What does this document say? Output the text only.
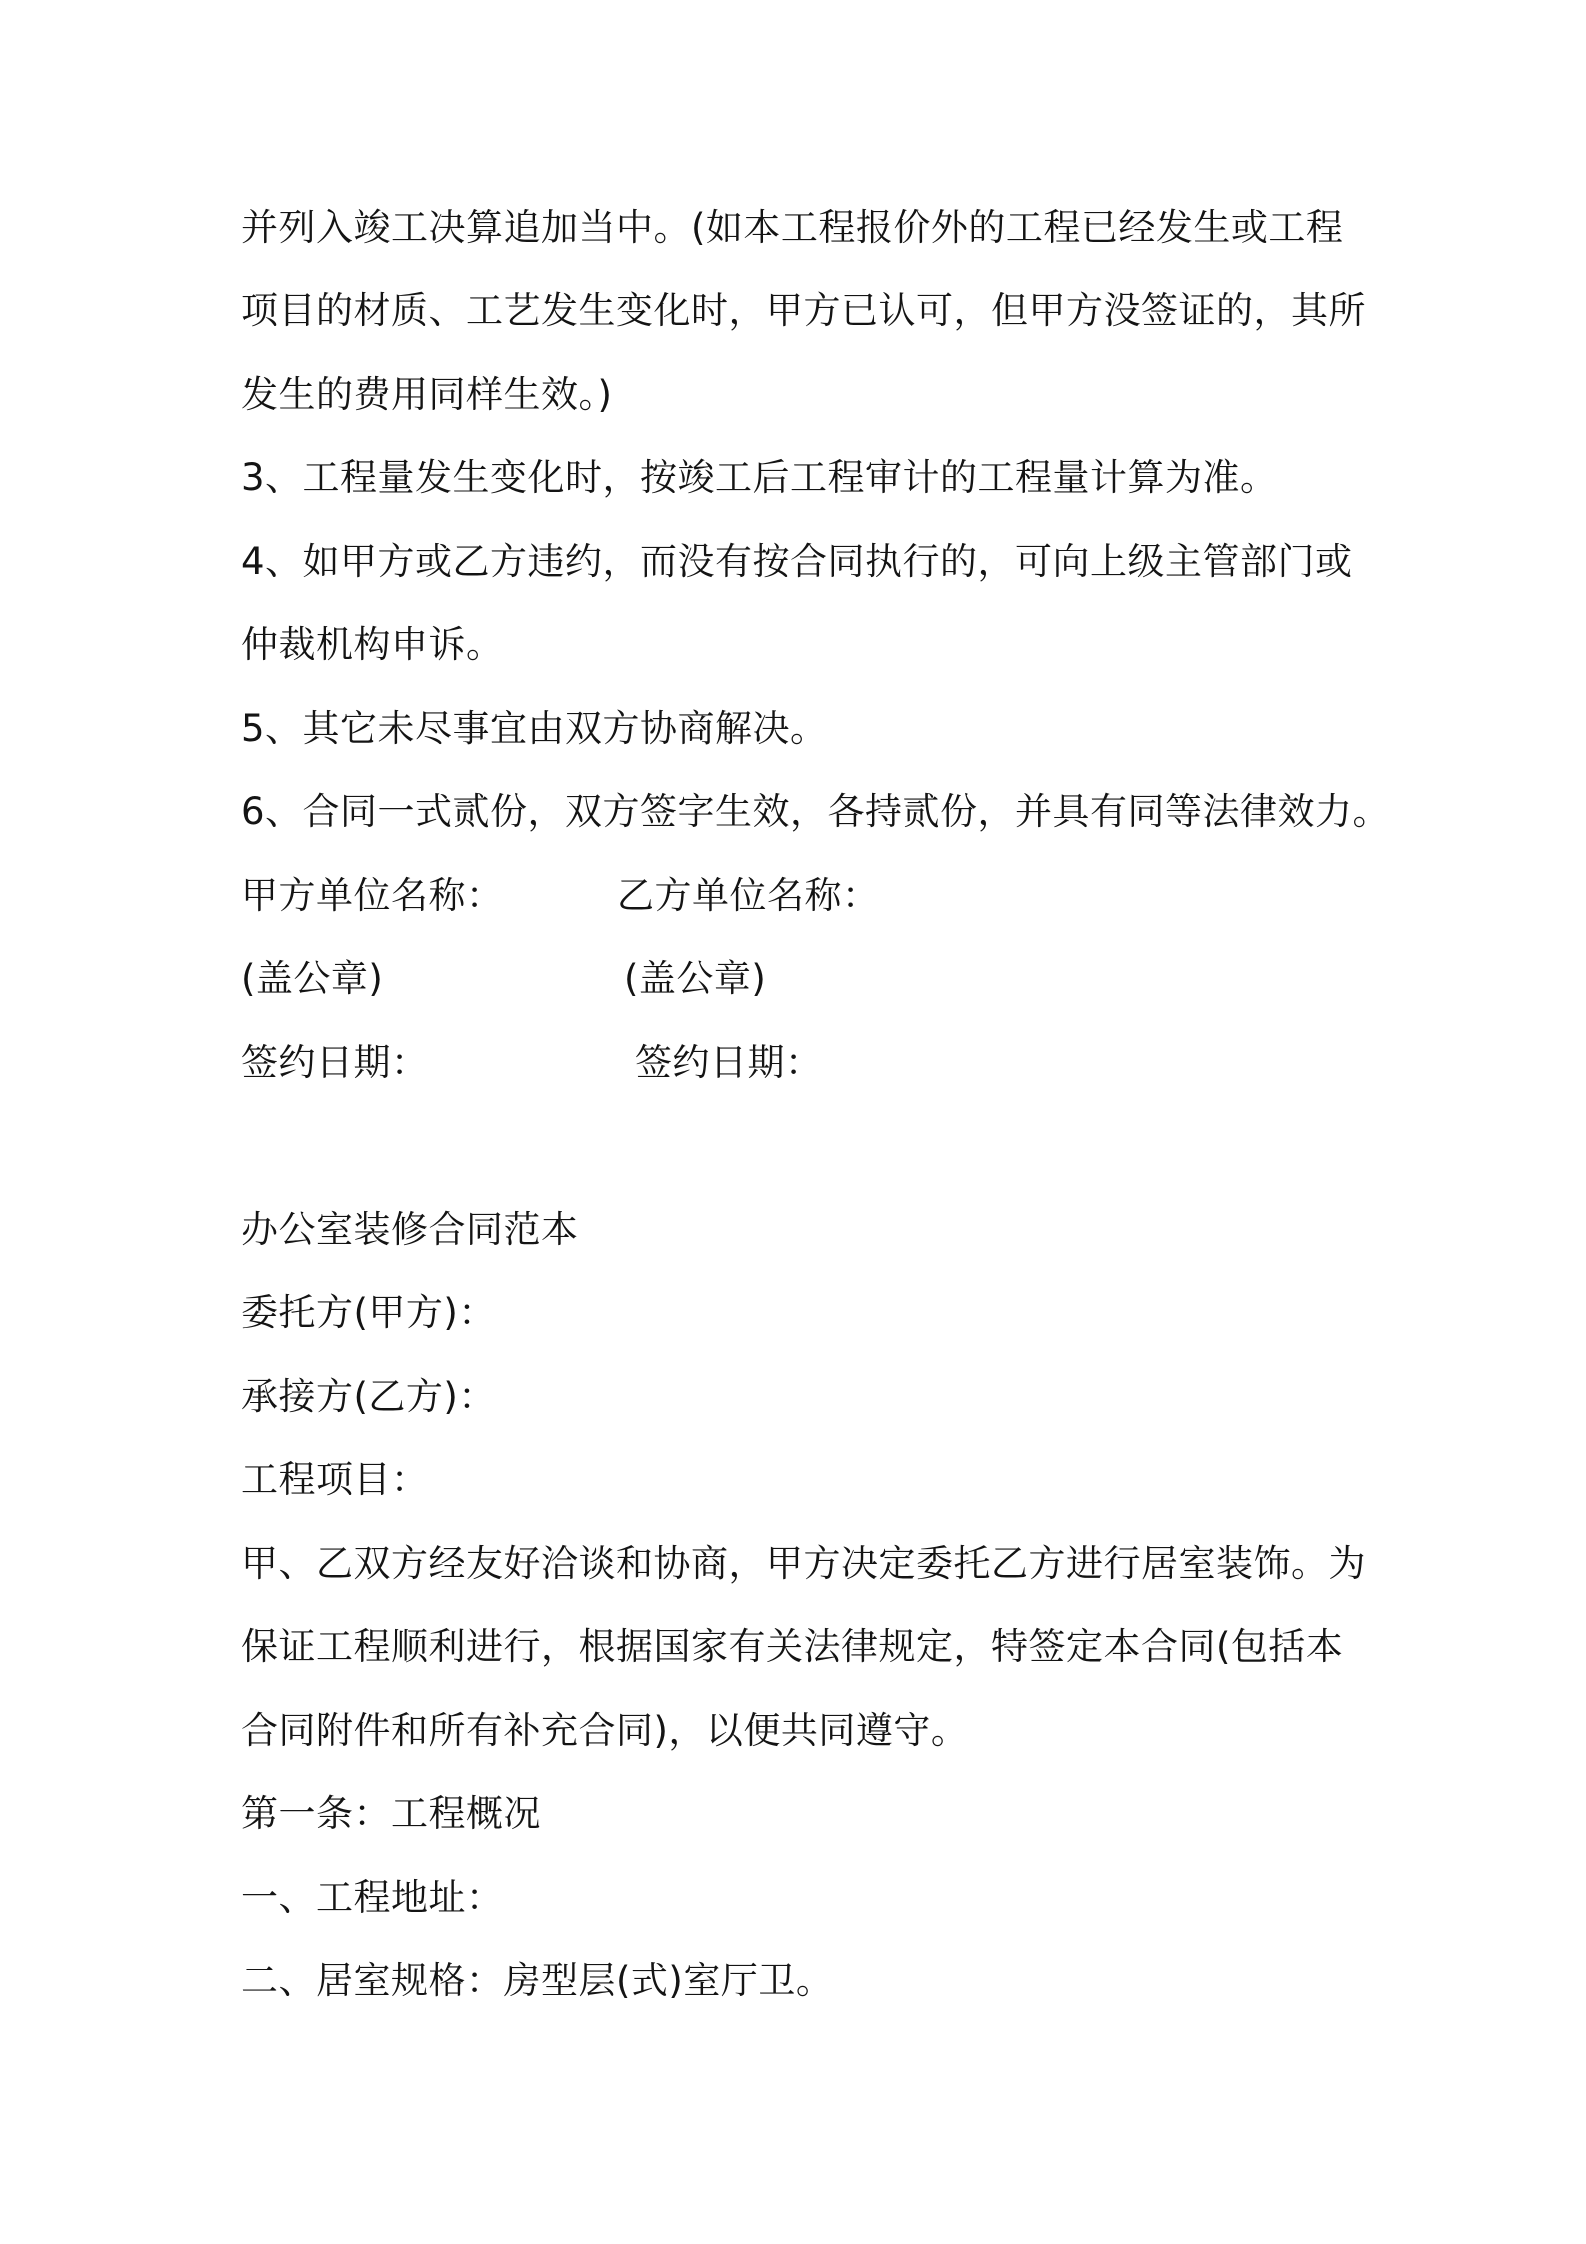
并列入竣工决算追加当中。(如本工程报价外的工程已经发生或工程
项目的材质、工艺发生变化时，甲方已认可，但甲方没签证的，其所
发生的费用同样生效。)
3、工程量发生变化时，按竣工后工程审计的工程量计算为准。
4、如甲方或乙方违约，而没有按合同执行的，可向上级主管部门或
仲裁机构申诉。
5、其它未尽事宜由双方协商解决。
6、合同一式贰份，双方签字生效，各持贰份，并具有同等法律效力。
甲方单位名称：	乙方单位名称：
(盖公章)	(盖公章)
签约日期：	签约日期：
办公室装修合同范本
委托方(甲方)：
承接方(乙方)：
工程项目：
甲、乙双方经友好洽谈和协商，甲方决定委托乙方进行居室装饰。为
保证工程顺利进行，根据国家有关法律规定，特签定本合同(包括本
合同附件和所有补充合同)，以便共同遵守。
第一条：工程概况
一、工程地址：
二、居室规格：房型层(式)室厅卫。
